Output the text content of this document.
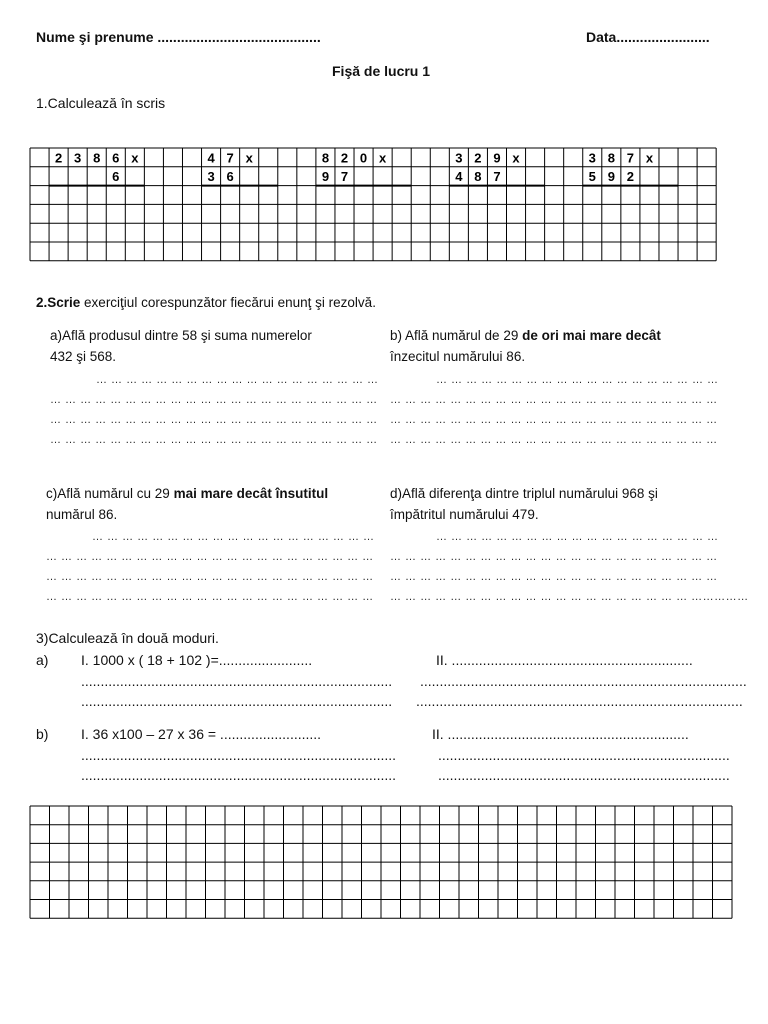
Nume şi prenume ..........................................	Data........................
Fişă de lucru 1
1.Calculează în scris
2 3 8 6 x	4 7 x	8 2 0 x	3 2 9 x	3 8 7 x
6	3 6	9 7	4 8 7	5 9 2
2.Scrie exerciţiul corespunzător fiecărui enunţ şi rezolvă.
a)Află produsul dintre 58 şi suma numerelor
432 şi 568.
b) Află numărul de 29 de ori mai mare decât
înzecitul numărului 86.
… … … … … … … … … … … … … … … … … … …
… … … … … … … … … … … … … … … … … … … … … …
… … … … … … … … … … … … … … … … … … … … … …
… … … … … … … … … … … … … … … … … … … … … …
… … … … … … … … … … … … … … … … … … …
… … … … … … … … … … … … … … … … … … … … … …
… … … … … … … … … … … … … … … … … … … … … …
… … … … … … … … … … … … … … … … … … … … … …
c)Află numărul cu 29 mai mare decât însutitul
numărul 86.
d)Află diferenţa dintre triplul numărului 968 şi
împătritul numărului 479.
… … … … … … … … … … … … … … … … … … …
… … … … … … … … … … … … … … … … … … … … … …
… … … … … … … … … … … … … … … … … … … … … …
… … … … … … … … … … … … … … … … … … … … … …
… … … … … … … … … … … … … … … … … … …
… … … … … … … … … … … … … … … … … … … … … …
… … … … … … … … … … … … … … … … … … … … … …
… … … … … … … … … … … … … … … … … … … … ……………
3)Calculează în două moduri.
a) I. 1000 x ( 18 + 102 )=........................	II. ..............................................................
................................................................................ ....................................................................................
................................................................................ ....................................................................................
b) I. 36 x100 – 27 x 36 = ..........................	II. ..............................................................
.................................................................................	...........................................................................
.................................................................................	...........................................................................
